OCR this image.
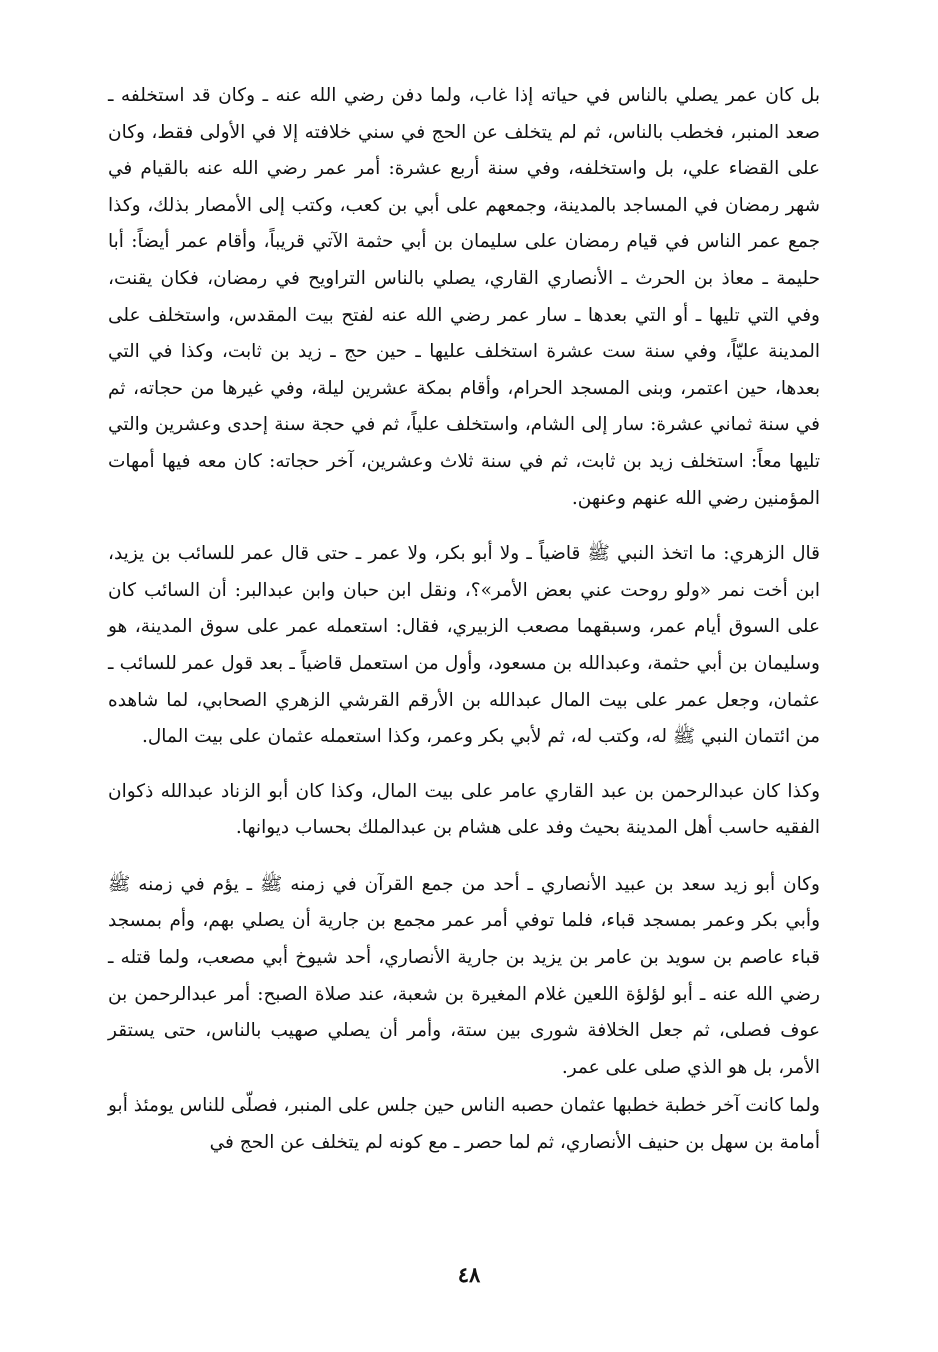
بل كان عمر يصلي بالناس في حياته إذا غاب، ولما دفن رضي الله عنه ـ وكان قد استخلفه ـ صعد المنبر، فخطب بالناس، ثم لم يتخلف عن الحج في سني خلافته إلا في الأولى فقط، وكان على القضاء علي، بل واستخلفه، وفي سنة أربع عشرة: أمر عمر رضي الله عنه بالقيام في شهر رمضان في المساجد بالمدينة، وجمعهم على أبي بن كعب، وكتب إلى الأمصار بذلك، وكذا جمع عمر الناس في قيام رمضان على سليمان بن أبي حثمة الآتي قريباً، وأقام عمر أيضاً: أبا حليمة ـ معاذ بن الحرث ـ الأنصاري القاري، يصلي بالناس التراويح في رمضان، فكان يقنت، وفي التي تليها ـ أو التي بعدها ـ سار عمر رضي الله عنه لفتح بيت المقدس، واستخلف على المدينة عليّاً، وفي سنة ست عشرة استخلف عليها ـ حين حج ـ زيد بن ثابت، وكذا في التي بعدها، حين اعتمر، وبنى المسجد الحرام، وأقام بمكة عشرين ليلة، وفي غيرها من حجاته، ثم في سنة ثماني عشرة: سار إلى الشام، واستخلف علياً، ثم في حجة سنة إحدى وعشرين والتي تليها معاً: استخلف زيد بن ثابت، ثم في سنة ثلاث وعشرين، آخر حجاته: كان معه فيها أمهات المؤمنين رضي الله عنهم وعنهن.

قال الزهري: ما اتخذ النبي ﷺ قاضياً ـ ولا أبو بكر، ولا عمر ـ حتى قال عمر للسائب بن يزيد، ابن أخت نمر «ولو روحت عني بعض الأمر»؟، ونقل ابن حبان وابن عبدالبر: أن السائب كان على السوق أيام عمر، وسبقهما مصعب الزبيري، فقال: استعمله عمر على سوق المدينة، هو وسليمان بن أبي حثمة، وعبدالله بن مسعود، وأول من استعمل قاضياً ـ بعد قول عمر للسائب ـ عثمان، وجعل عمر على بيت المال عبدالله بن الأرقم القرشي الزهري الصحابي، لما شاهده من ائتمان النبي ﷺ له، وكتب له، ثم لأبي بكر وعمر، وكذا استعمله عثمان على بيت المال.

وكذا كان عبدالرحمن بن عبد القاري عامر على بيت المال، وكذا كان أبو الزناد عبدالله ذكوان الفقيه حاسب أهل المدينة بحيث وفد على هشام بن عبدالملك بحساب ديوانها.

وكان أبو زيد سعد بن عبيد الأنصاري ـ أحد من جمع القرآن في زمنه ﷺ ـ يؤم في زمنه ﷺ وأبي بكر وعمر بمسجد قباء، فلما توفي أمر عمر مجمع بن جارية أن يصلي بهم، وأم بمسجد قباء عاصم بن سويد بن عامر بن يزيد بن جارية الأنصاري، أحد شيوخ أبي مصعب، ولما قتله ـ رضي الله عنه ـ أبو لؤلؤة اللعين غلام المغيرة بن شعبة، عند صلاة الصبح: أمر عبدالرحمن بن عوف فصلى، ثم جعل الخلافة شورى بين ستة، وأمر أن يصلي صهيب بالناس، حتى يستقر الأمر، بل هو الذي صلى على عمر.

ولما كانت آخر خطبة خطبها عثمان حصبه الناس حين جلس على المنبر، فصلّى للناس يومئذ أبو أمامة بن سهل بن حنيف الأنصاري، ثم لما حصر ـ مع كونه لم يتخلف عن الحج في

٤٨
